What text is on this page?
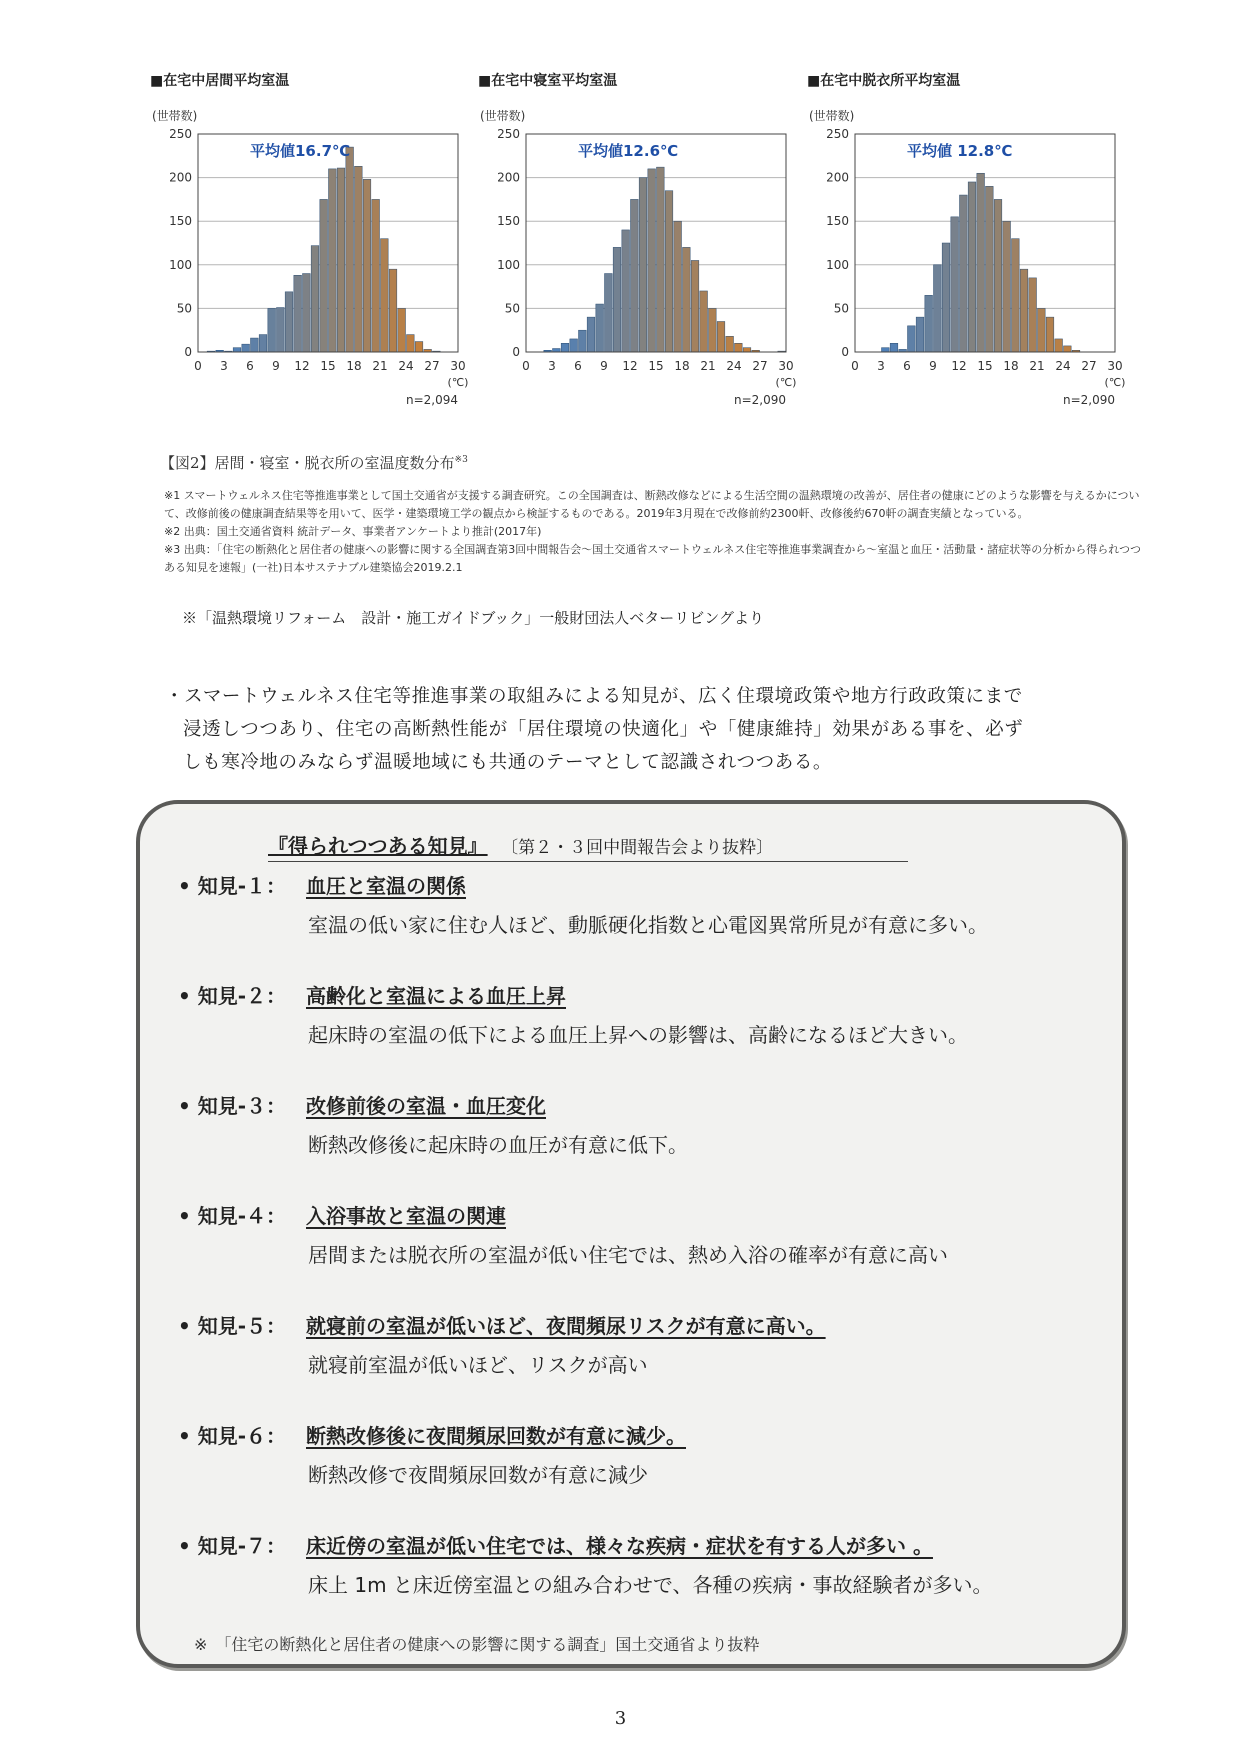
■在宅中居間平均室温
(世帯数)
0
50
100
150
200
250
0 3 6 9 12 15 18 21 24 27 30
(℃)
n=2,094
平均値16.7℃
■在宅中寝室平均室温
(世帯数)
0
50
100
150
200
250
0 3 6 9 12 15 18 21 24 27 30
(℃)
n=2,090
平均値12.6℃
■在宅中脱衣所平均室温
(世帯数)
0
50
100
150
200
250
0 3 6 9 12 15 18 21 24 27 30
(℃)
n=2,090
平均値 12.8℃
【図2】居間・寝室・脱衣所の室温度数分布$^{※3}$

※1 スマートウェルネス住宅等推進事業として国土交通省が支援する調査研究。この全国調査は、断熱改修などによる生活空間の温熱環境の改善が、居住者の健康にどのような影響を与えるかについて、改修前後の健康調査結果等を用いて、医学・建築環境工学の観点から検証するものである。2019年3月現在で改修前約2300軒、改修後約670軒の調査実績となっている。

※2 出典：国土交通省資料 統計データ、事業者アンケートより推計(2017年)

※3 出典：「住宅の断熱化と居住者の健康への影響に関する全国調査第3回中間報告会〜国土交通省スマートウェルネス住宅等推進事業調査から〜室温と血圧・活動量・諸症状等の分析から得られつつある知見を速報」(一社)日本サステナブル建築協会2019.2.1

※「温熱環境リフォーム　設計・施工ガイドブック」一般財団法人ベターリビングより

・スマートウェルネス住宅等推進事業の取組みによる知見が、広く住環境政策や地方行政政策にまで

浸透しつつあり、住宅の高断熱性能が「居住環境の快適化」や「健康維持」効果がある事を、必ず

しも寒冷地のみならず温暖地域にも共通のテーマとして認識されつつある。

『得られつつある知見』 〔第２・３回中間報告会より抜粋〕
• 知見-１： 血圧と室温の関係
室温の低い家に住む人ほど、動脈硬化指数と心電図異常所見が有意に多い。
• 知見-２： 高齢化と室温による血圧上昇
起床時の室温の低下による血圧上昇への影響は、高齢になるほど大きい。
• 知見-３： 改修前後の室温・血圧変化
断熱改修後に起床時の血圧が有意に低下。
• 知見-４： 入浴事故と室温の関連
居間または脱衣所の室温が低い住宅では、熱め入浴の確率が有意に高い
• 知見-５： 就寝前の室温が低いほど、夜間頻尿リスクが有意に高い。
就寝前室温が低いほど、リスクが高い
• 知見-６： 断熱改修後に夜間頻尿回数が有意に減少。
断熱改修で夜間頻尿回数が有意に減少
• 知見-７： 床近傍の室温が低い住宅では、様々な疾病・症状を有する人が多い 。
床上 1m と床近傍室温との組み合わせで、各種の疾病・事故経験者が多い。
※　「住宅の断熱化と居住者の健康への影響に関する調査」国土交通省より抜粋
3
